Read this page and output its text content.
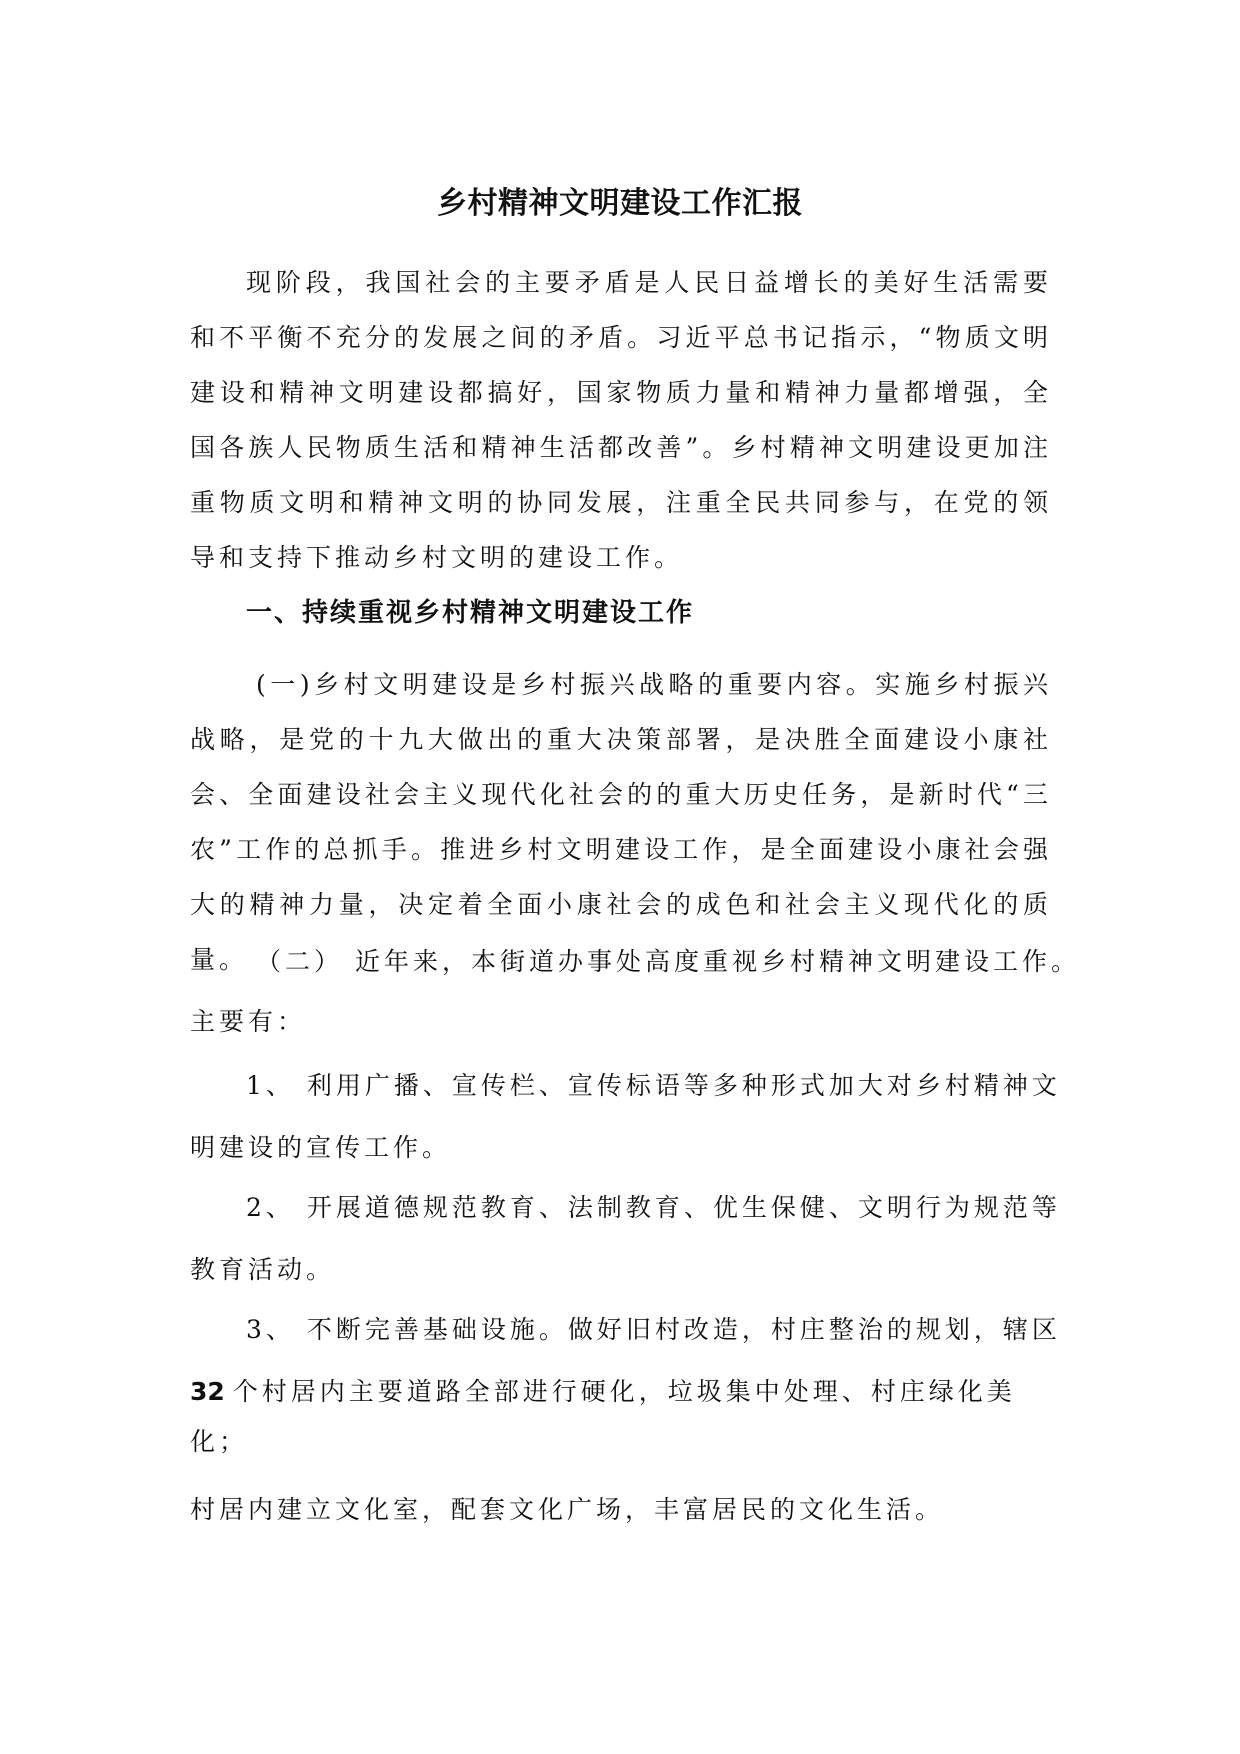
乡村精神文明建设工作汇报

现阶段，我国社会的主要矛盾是人民日益增长的美好生活需要和不平衡不充分的发展之间的矛盾。习近平总书记指示，“物质文明建设和精神文明建设都搞好，国家物质力量和精神力量都增强，全国各族人民物质生活和精神生活都改善”。乡村精神文明建设更加注重物质文明和精神文明的协同发展，注重全民共同参与，在党的领导和支持下推动乡村文明的建设工作。

一、持续重视乡村精神文明建设工作

(一)乡村文明建设是乡村振兴战略的重要内容。实施乡村振兴战略，是党的十九大做出的重大决策部署，是决胜全面建设小康社会、全面建设社会主义现代化社会的的重大历史任务，是新时代“三农”工作的总抓手。推进乡村文明建设工作，是全面建设小康社会强大的精神力量，决定着全面小康社会的成色和社会主义现代化的质量。 （二） 近年来，本街道办事处高度重视乡村精神文明建设工作。

主要有：

1、 利用广播、宣传栏、宣传标语等多种形式加大对乡村精神文

明建设的宣传工作。

2、 开展道德规范教育、法制教育、优生保健、文明行为规范等

教育活动。

3、 不断完善基础设施。做好旧村改造，村庄整治的规划，辖区

32 个村居内主要道路全部进行硬化，垃圾集中处理、村庄绿化美

化；

村居内建立文化室，配套文化广场，丰富居民的文化生活。
